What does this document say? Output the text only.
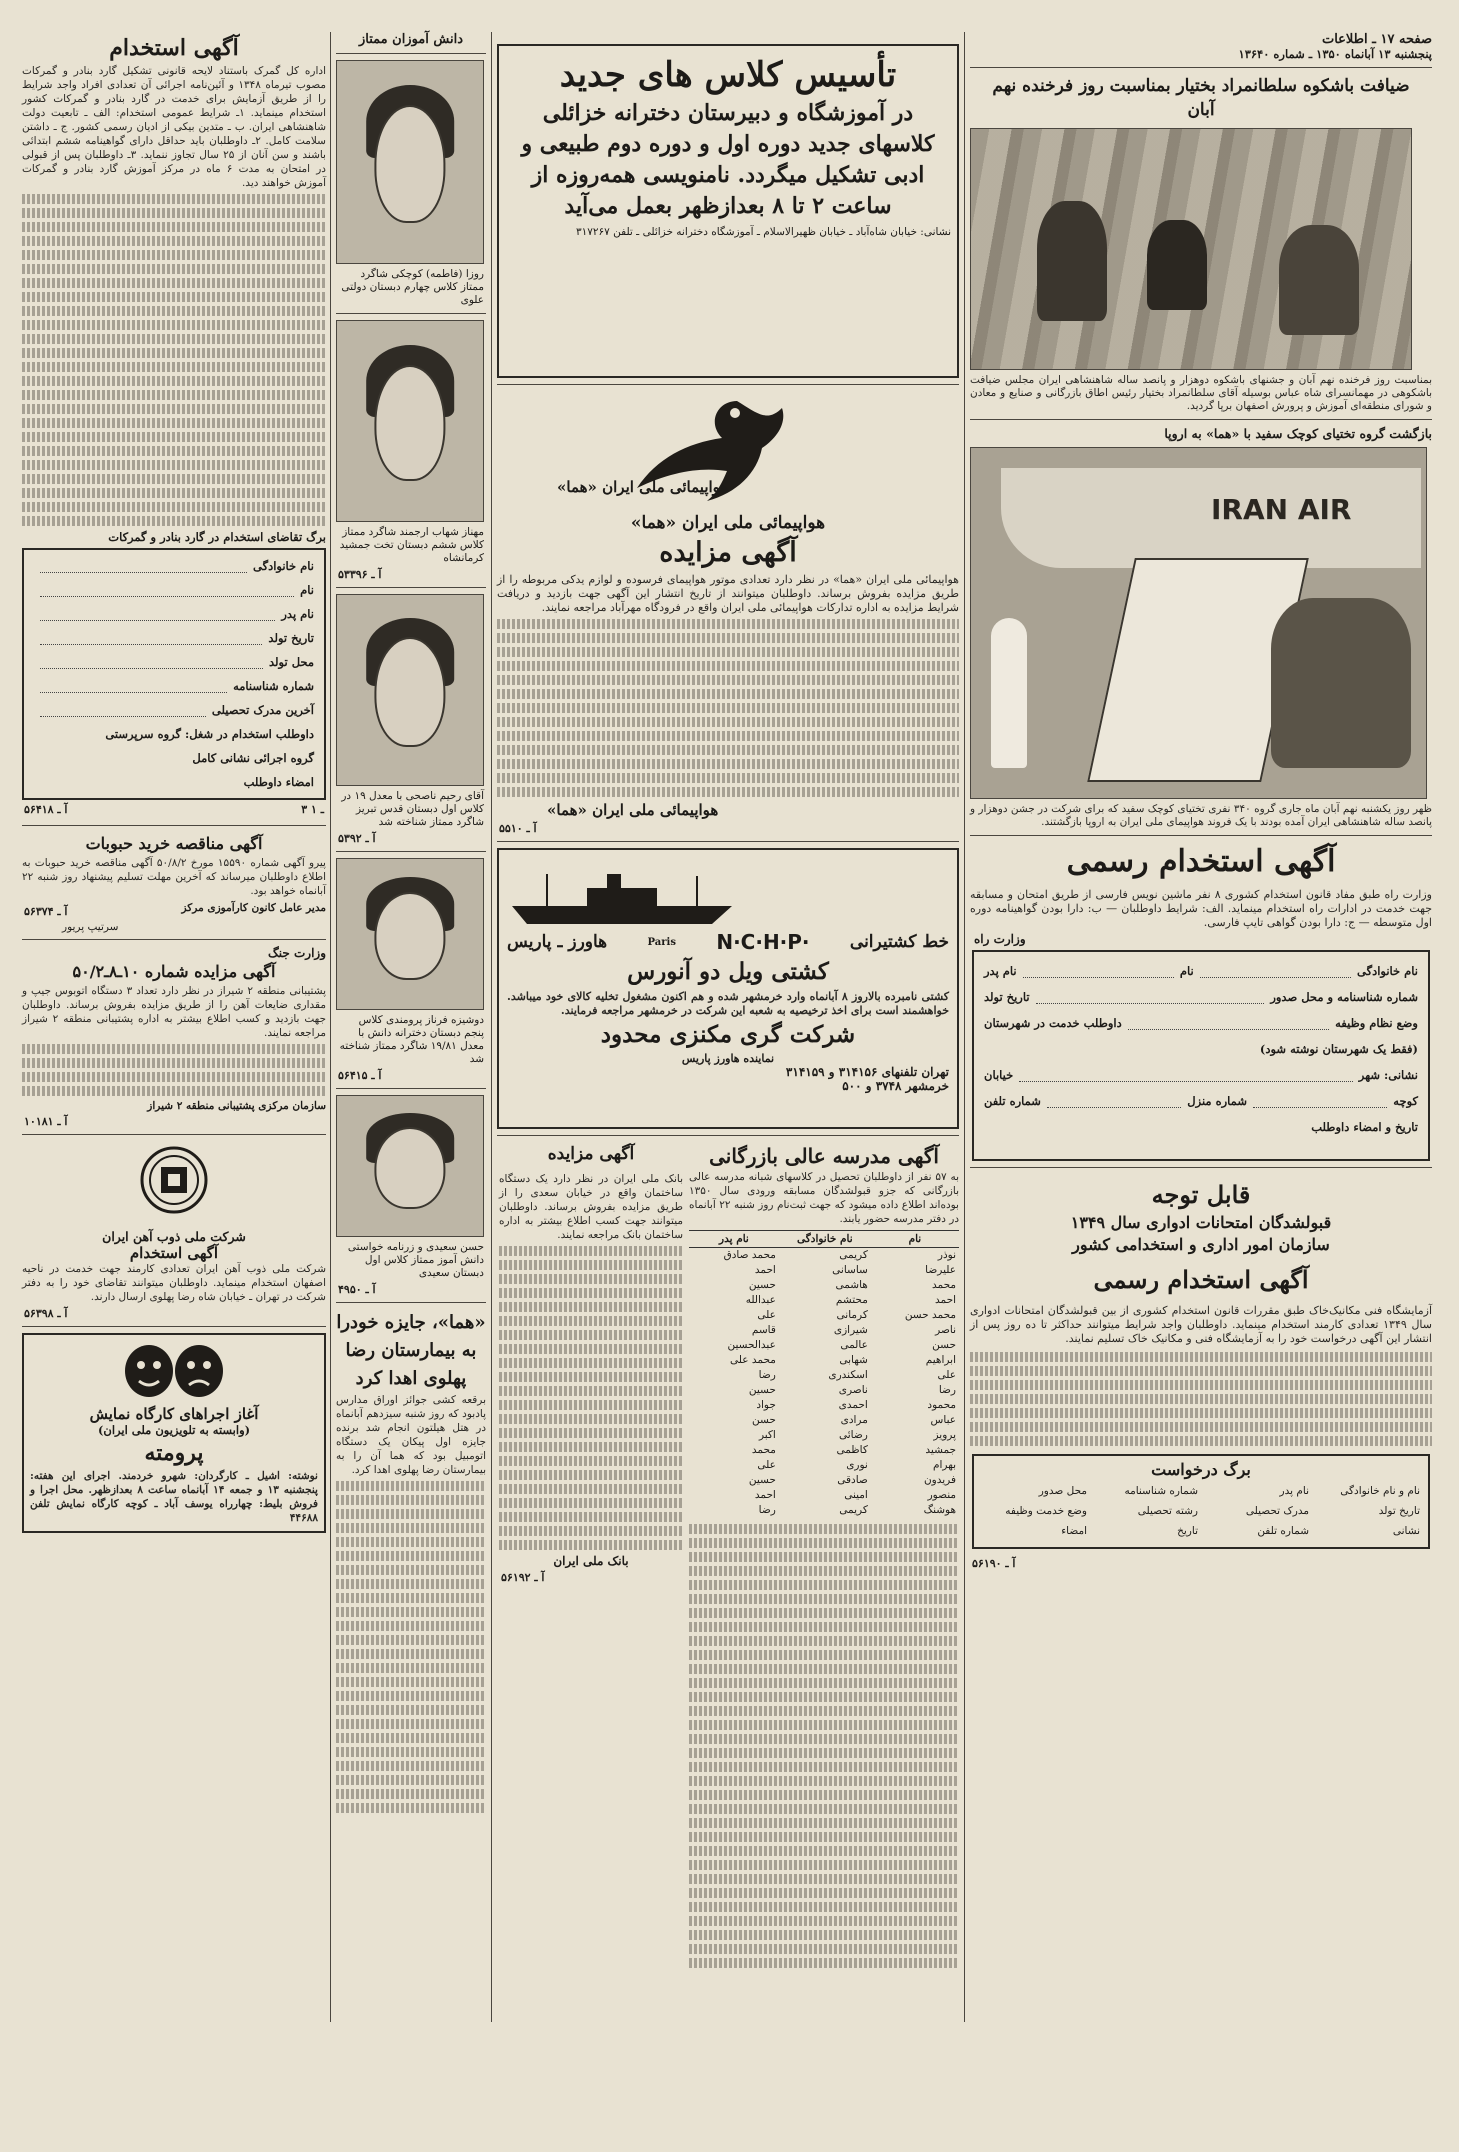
صفحه ۱۷ ـ اطلاعات
پنجشنبه ۱۳ آبانماه ۱۳۵۰ ـ شماره ۱۳۶۴۰
ضیافت باشکوه سلطانمراد بختیار بمناسبت روز فرخنده نهم آبان
بمناسبت روز فرخنده نهم آبان و جشنهای باشکوه دوهزار و پانصد ساله شاهنشاهی ایران مجلس ضیافت باشکوهی در مهمانسرای شاه عباس بوسیله آقای سلطانمراد بختیار رئیس اطاق بازرگانی و صنایع و معادن و شورای منطقه‌ای آموزش و پرورش اصفهان برپا گردید.
بازگشت گروه تختیای کوچک سفید با «هما» به اروپا
IRAN AIR
ظهر روز یکشنبه نهم آبان ماه جاری گروه ۳۴۰ نفری تختیای کوچک سفید که برای شرکت در جشن دوهزار و پانصد ساله شاهنشاهی ایران آمده بودند با یک فروند هواپیمای ملی ایران به اروپا بازگشتند.
آگهی استخدام رسمی
وزارت راه طبق مفاد قانون استخدام کشوری ۸ نفر ماشین نویس فارسی از طریق امتحان و مسابقه جهت خدمت در ادارات راه استخدام مینماید. الف: شرایط داوطلبان — ب: دارا بودن گواهینامه دوره اول متوسطه — ج: دارا بودن گواهی تایپ فارسی.
وزارت راه
نام خانوادگی
نام
نام پدر
شماره شناسنامه و محل صدور
تاریخ تولد
وضع نظام وظیفه
داوطلب خدمت در شهرستان
(فقط یک شهرستان نوشته شود)
نشانی: شهر
خیابان
کوچه
شماره منزل
شماره تلفن
تاریخ و امضاء داوطلب
قابل توجه
قبولشدگان امتحانات ادواری سال ۱۳۴۹
سازمان امور اداری و استخدامی کشور
آگهی استخدام رسمی
آزمایشگاه فنی مکانیک‌خاک طبق مقررات قانون استخدام کشوری از بین قبولشدگان امتحانات ادواری سال ۱۳۴۹ تعدادی کارمند استخدام مینماید. داوطلبان واجد شرایط میتوانند حداکثر تا ده روز پس از انتشار این آگهی درخواست خود را به آزمایشگاه فنی و مکانیک خاک تسلیم نمایند.
برگ درخواست
نام و نام خانوادگی
نام پدر
شماره شناسنامه
محل صدور
تاریخ تولد
مدرک تحصیلی
رشته تحصیلی
وضع خدمت وظیفه
نشانی
شماره تلفن
تاریخ
امضاء
آ ـ ۵۶۱۹۰
تأسیس کلاس های جدید
در آموزشگاه و دبیرستان دخترانه خزائلی کلاسهای جدید دوره اول و دوره دوم طبیعی و ادبی تشکیل میگردد. نامنویسی همه‌روزه از ساعت ۲ تا ۸ بعدازظهر بعمل می‌آید
نشانی: خیابان شاه‌آباد ـ خیابان ظهیرالاسلام ـ آموزشگاه دخترانه خزائلی ـ تلفن ۳۱۷۲۶۷
هواپیمائی ملی ایران «هما»
هواپیمائی ملی ایران «هما»
آگهی مزایده
هواپیمائی ملی ایران «هما» در نظر دارد تعدادی موتور هواپیمای فرسوده و لوازم یدکی مربوطه را از طریق مزایده بفروش برساند. داوطلبان میتوانند از تاریخ انتشار این آگهی جهت بازدید و دریافت شرایط مزایده به اداره تدارکات هواپیمائی ملی ایران واقع در فرودگاه مهرآباد مراجعه نمایند.
هواپیمائی ملی ایران «هما»
آ ـ ۵۵۱۰
خط کشتیرانی
N·C·H·P·
Paris
هاورز ـ پاریس
کشتی ویل دو آنورس
کشتی نامبرده بالاروز ۸ آبانماه وارد خرمشهر شده و هم اکنون مشغول تخلیه کالای خود میباشد. خواهشمند است برای اخذ ترخیصیه به شعبه این شرکت در خرمشهر مراجعه فرمایند.
شرکت گری مکنزی محدود
نماینده هاورز پاریس
تهران تلفنهای ۳۱۴۱۵۶ و ۳۱۴۱۵۹
خرمشهر ۳۷۴۸ و ۵۰۰
آگهی مدرسه عالی بازرگانی
به ۵۷ نفر از داوطلبان تحصیل در کلاسهای شبانه مدرسه عالی بازرگانی که جزو قبولشدگان مسابقه ورودی سال ۱۳۵۰ بوده‌اند اطلاع داده میشود که جهت ثبت‌نام روز شنبه ۲۲ آبانماه در دفتر مدرسه حضور یابند.
نام	نام خانوادگی	نام پدر
نوذر	کریمی	محمد صادق
علیرضا	ساسانی	احمد
محمد	هاشمی	حسین
احمد	محتشم	عبدالله
محمد حسن	کرمانی	علی
ناصر	شیرازی	قاسم
حسن	عالمی	عبدالحسین
ابراهیم	شهابی	محمد علی
علی	اسکندری	رضا
رضا	ناصری	حسین
محمود	احمدی	جواد
عباس	مرادی	حسن
پرویز	رضائی	اکبر
جمشید	کاظمی	محمد
بهرام	نوری	علی
فریدون	صادقی	حسین
منصور	امینی	احمد
هوشنگ	کریمی	رضا
آگهی مزایده
بانک ملی ایران در نظر دارد یک دستگاه ساختمان واقع در خیابان سعدی را از طریق مزایده بفروش برساند. داوطلبان میتوانند جهت کسب اطلاع بیشتر به اداره ساختمان بانک مراجعه نمایند.
بانک ملی ایران
آ ـ ۵۶۱۹۲
دانش آموزان ممتاز
روزا (فاطمه) کوچکی شاگرد ممتاز کلاس چهارم دبستان دولتی علوی
مهناز شهاب ارجمند شاگرد ممتاز کلاس ششم دبستان تخت جمشید کرمانشاه
آ ـ ۵۳۳۹۶
آقای رحیم ناصحی با معدل ۱۹ در کلاس اول دبستان قدس تبریز شاگرد ممتاز شناخته شد
آ ـ ۵۳۹۲
دوشیزه فرناز پرومندی کلاس پنجم دبستان دخترانه دانش با معدل ۱۹/۸۱ شاگرد ممتاز شناخته شد
آ ـ ۵۶۴۱۵
حسن سعیدی و زرنامه خواستی دانش آموز ممتاز کلاس اول دبستان سعیدی
آ ـ ۴۹۵۰
«هما»، جایزه خودرا به بیمارستان رضا پهلوی اهدا کرد
برقعه کشی جوائز اوراق مدارس پادبود که روز شنبه سیزدهم آبانماه در هتل هیلتون انجام شد برنده جایزه اول پیکان یک دستگاه اتومبیل بود که هما آن را به بیمارستان رضا پهلوی اهدا کرد.
آگهی استخدام
اداره کل گمرک باستناد لایحه قانونی تشکیل گارد بنادر و گمرکات مصوب تیرماه ۱۳۴۸ و آئین‌نامه اجرائی آن تعدادی افراد واجد شرایط را از طریق آزمایش برای خدمت در گارد بنادر و گمرکات کشور استخدام مینماید. ۱ـ شرایط عمومی استخدام: الف ـ تابعیت دولت شاهنشاهی ایران. ب ـ متدین بیکی از ادیان رسمی کشور. ج ـ داشتن سلامت کامل. ۲ـ داوطلبان باید حداقل دارای گواهینامه ششم ابتدائی باشند و سن آنان از ۲۵ سال تجاوز ننماید. ۳ـ داوطلبان پس از قبولی در امتحان به مدت ۶ ماه در مرکز آموزش گارد بنادر و گمرکات آموزش خواهند دید.
برگ تقاضای استخدام در گارد بنادر و گمرکات
نام خانوادگی
نام
نام پدر
تاریخ تولد
محل تولد
شماره شناسنامه
آخرین مدرک تحصیلی
داوطلب استخدام در شغل: گروه سرپرستی
گروه اجرائی نشانی کامل
امضاء داوطلب
آ ـ ۵۶۴۱۸	۳ ـ ۱
آگهی مناقصه خرید حبوبات
پیرو آگهی شماره ۱۵۵۹۰ مورخ ۵۰/۸/۲ آگهی مناقصه خرید حبوبات به اطلاع داوطلبان میرساند که آخرین مهلت تسلیم پیشنهاد روز شنبه ۲۲ آبانماه خواهد بود.
آ ـ ۵۶۳۷۴	مدیر عامل کانون کارآموزی مرکز
سرتیپ پریور
وزارت جنگ
آگهی مزایده شماره ۱۰ـ۸ـ۵۰/۲
پشتیبانی منطقه ۲ شیراز در نظر دارد تعداد ۳ دستگاه اتوبوس جیپ و مقداری ضایعات آهن را از طریق مزایده بفروش برساند. داوطلبان جهت بازدید و کسب اطلاع بیشتر به اداره پشتیبانی منطقه ۲ شیراز مراجعه نمایند.
سازمان مرکزی پشتیبانی منطقه ۲ شیراز
آ ـ ۱۰۱۸۱
شرکت ملی ذوب آهن ایران
آگهی استخدام
شرکت ملی ذوب آهن ایران تعدادی کارمند جهت خدمت در ناحیه اصفهان استخدام مینماید. داوطلبان میتوانند تقاضای خود را به دفتر شرکت در تهران ـ خیابان شاه رضا پهلوی ارسال دارند.
آ ـ ۵۶۳۹۸
آغاز اجراهای کارگاه نمایش
(وابسته به تلویزیون ملی ایران)
پرومته
نوشته: اشیل ـ کارگردان: شهرو خردمند. اجرای این هفته: پنجشنبه ۱۳ و جمعه ۱۴ آبانماه ساعت ۸ بعدازظهر. محل اجرا و فروش بلیط: چهارراه یوسف آباد ـ کوچه کارگاه نمایش تلفن ۴۴۶۸۸
